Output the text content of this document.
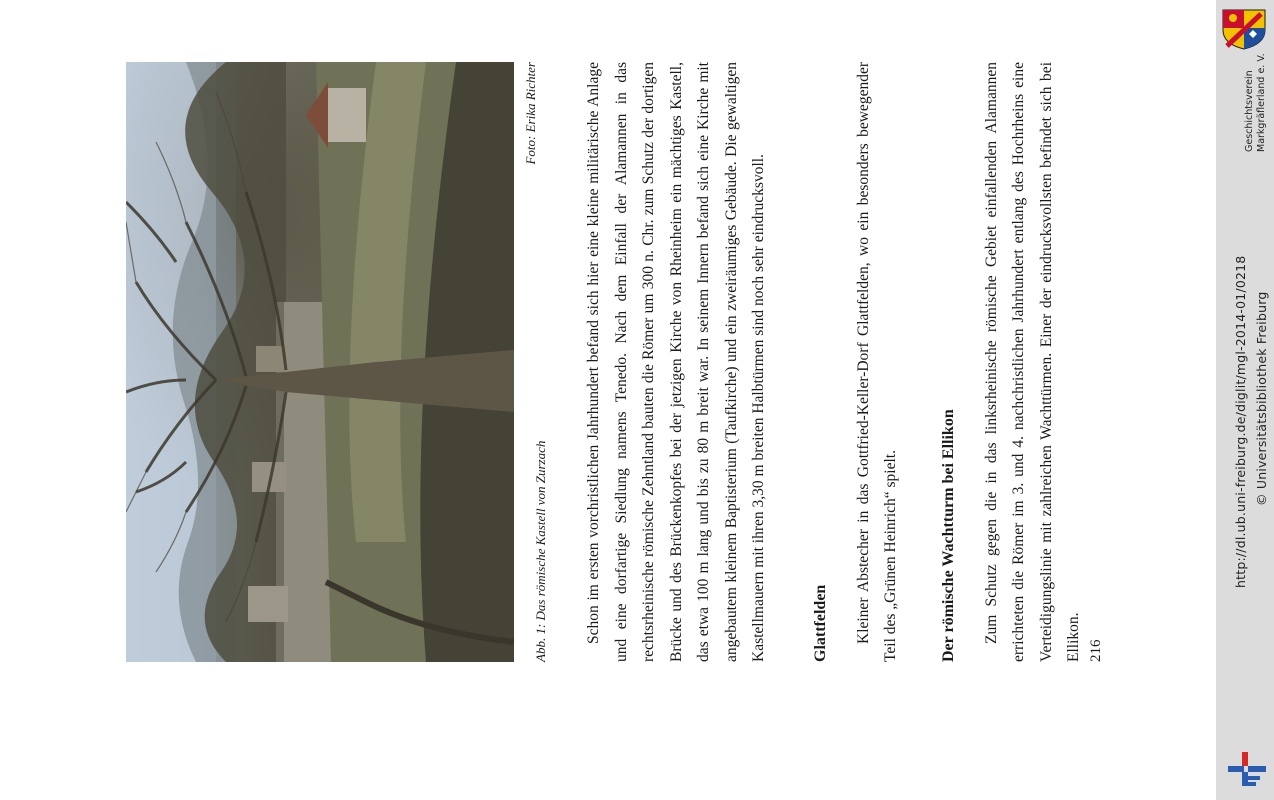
Abb. 1: Das römische Kastell von Zurzach
Foto: Erika Richter	Schon im ersten vorchristlichen Jahrhundert befand sich hier eine kleine militärische Anlage und eine dorfartige Siedlung namens Tenedo. Nach dem Einfall der Alamannen in das rechtsrheinische römische Zehntland bauten die Römer um 300 n. Chr. zum Schutz der dortigen Brücke und des Brückenkopfes bei der jetzigen Kirche von Rheinheim ein mächtiges Kastell, das etwa 100 m lang und bis zu 80 m breit war. In seinem Innern befand sich eine Kirche mit angebautem kleinem Baptisterium (Taufkirche) und ein zweiräumiges Gebäude. Die gewaltigen Kastellmauern mit ihren 3,30 m breiten Halbtürmen sind noch sehr eindrucksvoll.	Glattfelden	Kleiner Abstecher in das Gottfried-Keller-Dorf Glattfelden, wo ein besonders bewegender Teil des „Grünen Heinrich“ spielt.	Der römische Wachtturm bei Ellikon	Zum Schutz gegen die in das linksrheinische römische Gebiet einfallenden Alamannen errichteten die Römer im 3. und 4. nachchristlichen Jahrhundert entlang des Hochrheins eine Verteidigungslinie mit zahlreichen Wachttürmen. Einer der eindrucksvollsten befindet sich bei Ellikon. 216
Geschichtsverein Markgräflerland e. V.
http://dl.ub.uni-freiburg.de/diglit/mgl-2014-01/0218 © Universitätsbibliothek Freiburg
